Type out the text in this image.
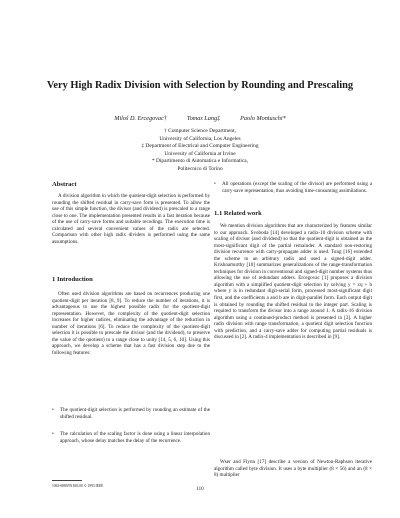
Very High Radix Division with Selection by Rounding and Prescaling
Miloš D. Ercegovac†	Tomas Lang‡	Paolo Montuschi*
† Computer Science Department,
University of California, Los Angeles
‡ Department of Electrical and Computer Engineering
University of California at Irvine
* Dipartimento di Automatica e Informatica,
Politecnico di Torino
Abstract
A division algorithm in which the quotient-digit selection is performed by rounding the shifted residual in carry-save form is presented. To allow the use of this simple function, the divisor (and dividend) is prescaled to a range close to one. The implementation presented results in a fast iteration because of the use of carry-save forms and suitable recodings. The execution time is calculated and several convenient values of the radix are selected. Comparison with other high radix dividers is performed using the same assumptions.
1 Introduction
Often used division algorithms are based on recurrences producing one quotient-digit per iteration [8, 9]. To reduce the number of iterations, it is advantageous to use the highest possible radix for the quotient-digit representation. However, the complexity of the quotient-digit selection increases for higher radices, eliminating the advantage of the reduction in number of iterations [6]. To reduce the complexity of the quotient-digit selection it is possible to prescale the divisor (and the dividend), to preserve the value of the quotient) to a range close to unity [14, 5, 6, 10]. Using this approach, we develop a scheme that has a fast division step due to the following features:
• The quotient-digit selection is performed by rounding an estimate of the shifted residual.
• The calculation of the scaling factor is done using a linear interpolation approach, whose delay matches the delay of the recurrence.
• All operations (except the scaling of the divisor) are performed using a carry-save representation, thus avoiding time-consuming assimilations.
1.1 Related work
We mention division algorithms that are characterized by features similar to our approach. Svoboda [14] developed a radix-10 division scheme with scaling of divisor (and dividend) so that the quotient-digit is obtained as the most-significant digit of the partial remainder. A standard non-restoring division recurrence with carry-propagate adder is used. Tung [16] extended the scheme to an arbitrary radix and used a signed-digit adder. Krishnamurthy [10] summarizes generalizations of the range-transformation techniques for division in conventional and signed-digit number systems thus allowing the use of redundant adders. Ercegovac [1] proposes a division algorithm with a simplified quotient-digit selection by solving y = xq + b where y is in redundant digit-serial form, processed most-significant digit first, and the coefficients a and b are in digit-parallel form. Each output digit is obtained by rounding the shifted residual to the integer part. Scaling is required to transform the divisor into a range around 1. A radix-16 division algorithm using a continued-product method is presented in [3]. A higher radix division with range transformation, a quotient digit selection function with prediction, and a carry-save adder for computing partial residuals is discussed in [2]. A radix-4 implementation is described in [9].
Wser and Flynn [17] describe a version of Newton-Raphson iterative algorithm called byte division. It uses a byte multiplier (8 × 56) and an (8 × 8) multiplier
1063-6889/93 $03.00 © 1993 IEEE
110
